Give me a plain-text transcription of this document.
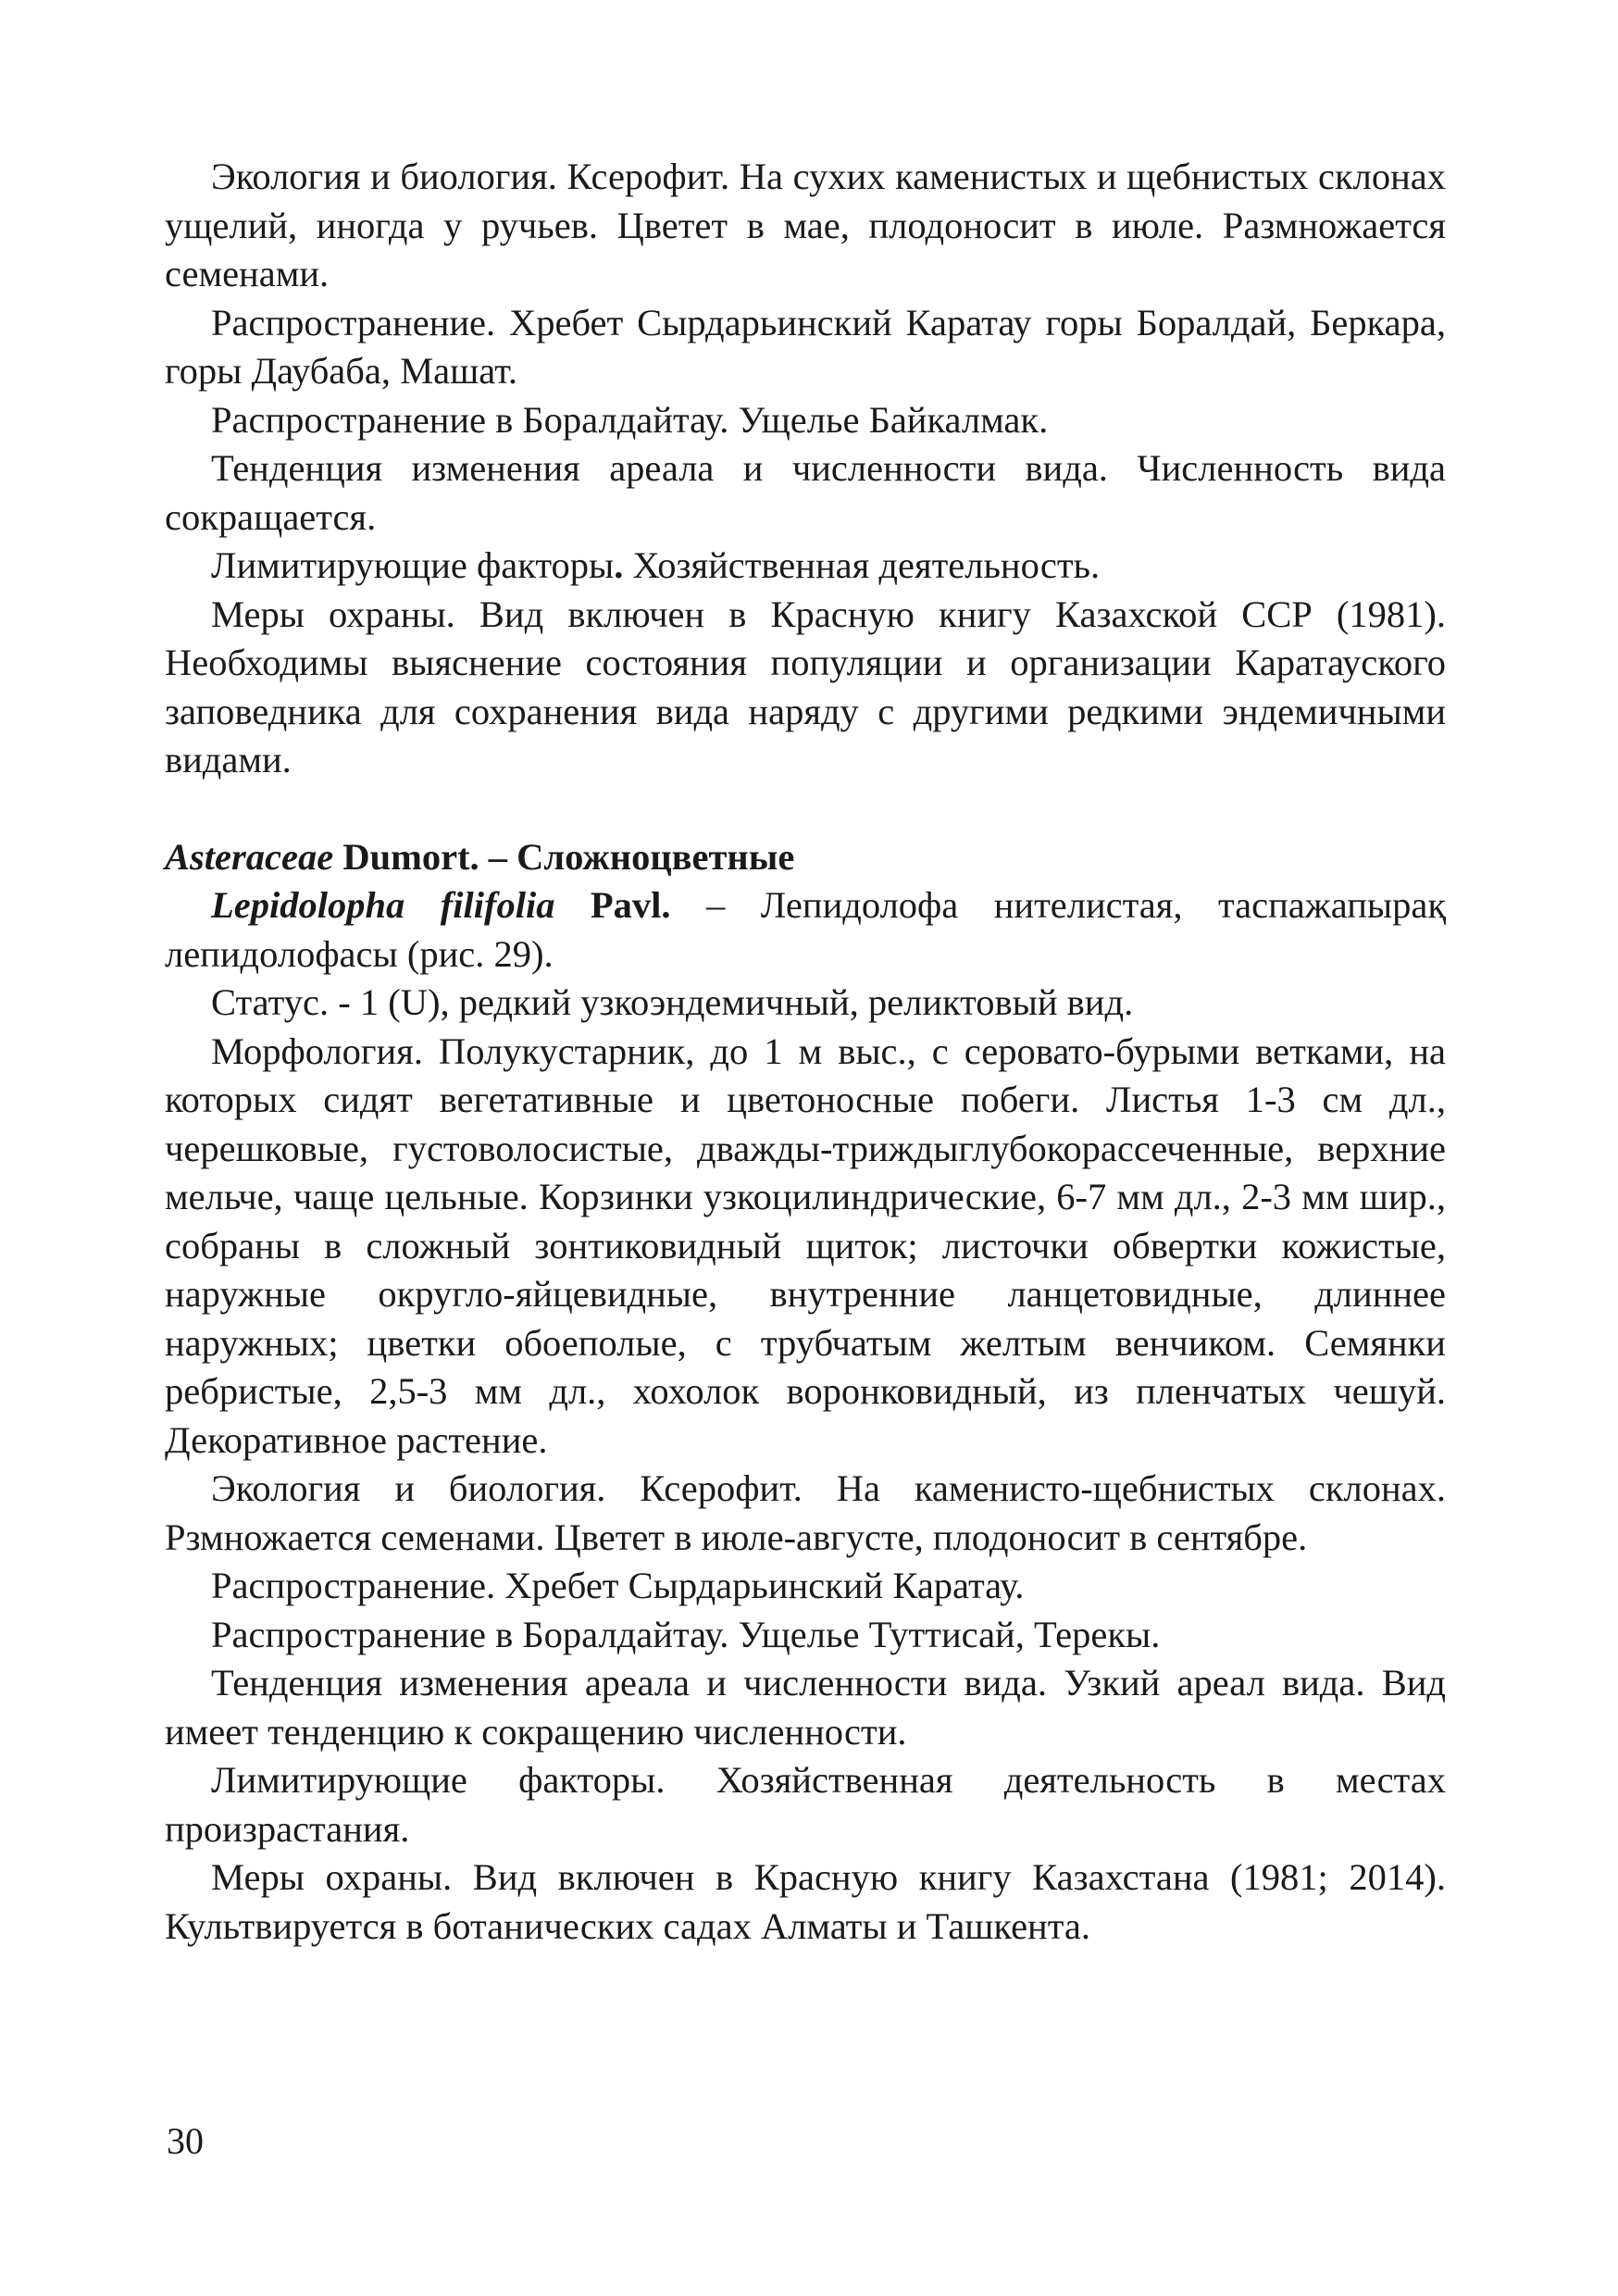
Экология и биология. Ксерофит. На сухих каменистых и щебнистых склонах ущелий, иногда у ручьев. Цветет в мае, плодоносит в июле. Размножается семенами.

Распространение. Хребет Сырдарьинский Каратау горы Боралдай, Беркара, горы Даубаба, Машат.

Распространение в Боралдайтау. Ущелье Байкалмак.

Тенденция изменения ареала и численности вида. Численность вида сокращается.

Лимитирующие факторы. Хозяйственная деятельность.

Меры охраны. Вид включен в Красную книгу Казахской ССР (1981). Необходимы выяснение состояния популяции и организации Каратауского заповедника для сохранения вида наряду с другими редкими эндемичными видами.

Asteraceae Dumort. – Сложноцветные

Lepidolopha filifolia Pavl. – Лепидолофа нителистая, таспажапырақ лепидолофасы (рис. 29).

Статус. - 1 (U), редкий узкоэндемичный, реликтовый вид.

Морфология. Полукустарник, до 1 м выс., с серовато-бурыми ветками, на которых сидят вегетативные и цветоносные побеги. Листья 1-3 см дл., черешковые, густоволосистые, дважды-триждыглубокорассеченные, верхние мельче, чаще цельные. Корзинки узкоцилиндрические, 6-7 мм дл., 2-3 мм шир., собраны в сложный зонтиковидный щиток; листочки обвертки кожистые, наружные округло-яйцевидные, внутренние ланцетовидные, длиннее наружных; цветки обоеполые, с трубчатым желтым венчиком. Семянки ребристые, 2,5-3 мм дл., хохолок воронковидный, из пленчатых чешуй. Декоративное растение.

Экология и биология. Ксерофит. На каменисто-щебнистых склонах. Рзмножается семенами. Цветет в июле-августе, плодоносит в сентябре.

Распространение. Хребет Сырдарьинский Каратау.

Распространение в Боралдайтау. Ущелье Туттисай, Терекы.

Тенденция изменения ареала и численности вида. Узкий ареал вида. Вид имеет тенденцию к сокращению численности.

Лимитирующие факторы. Хозяйственная деятельность в местах произрастания.

Меры охраны. Вид включен в Красную книгу Казахстана (1981; 2014). Культвируется в ботанических садах Алматы и Ташкента.

30
